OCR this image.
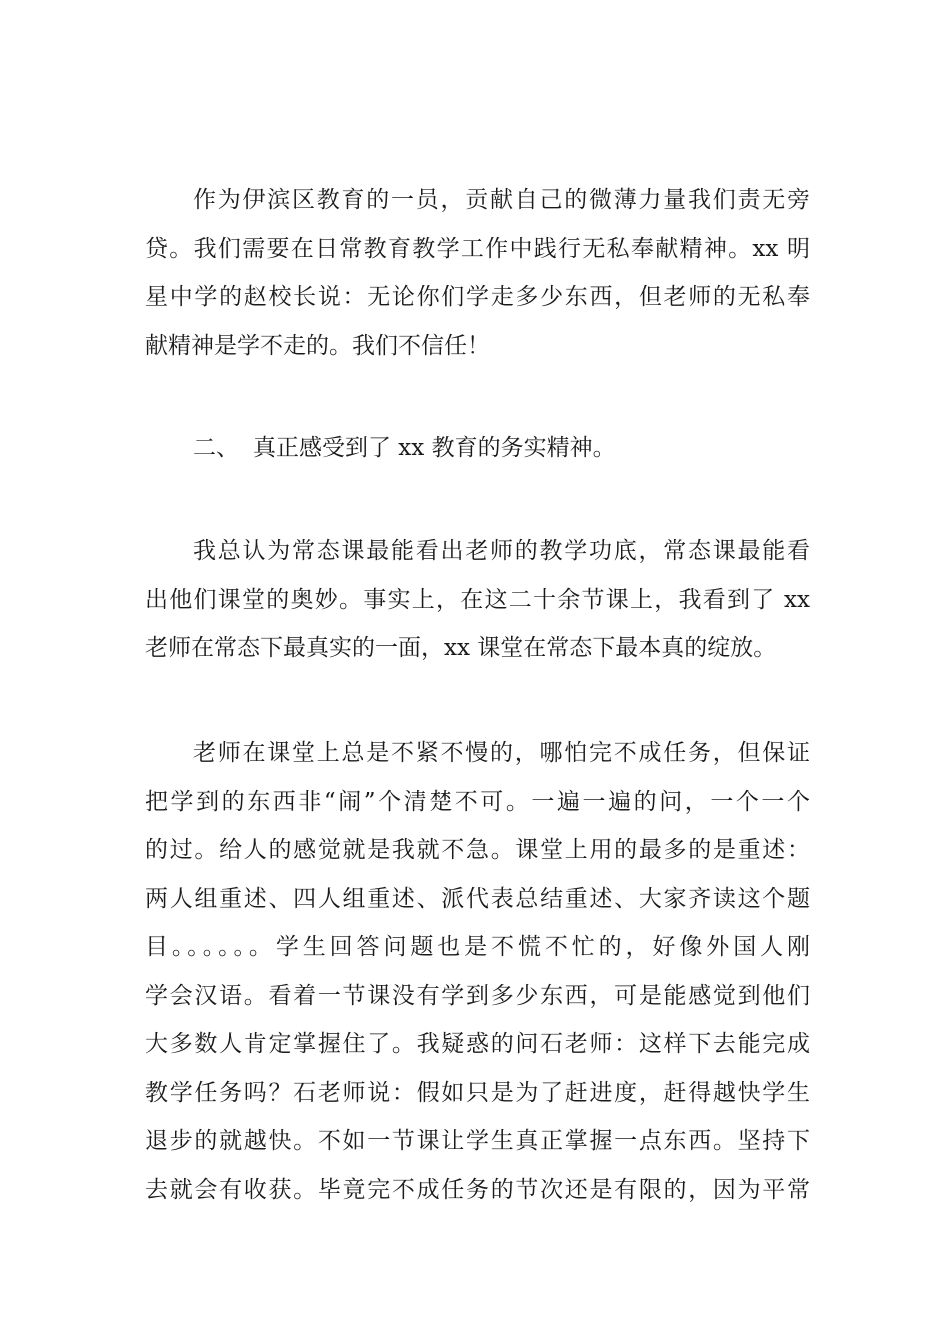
作为伊滨区教育的一员，贡献自己的微薄力量我们责无旁
贷。我们需要在日常教育教学工作中践行无私奉献精神。xx 明
星中学的赵校长说：无论你们学走多少东西，但老师的无私奉
献精神是学不走的。我们不信任！
二、 真正感受到了 xx 教育的务实精神。
我总认为常态课最能看出老师的教学功底，常态课最能看
出他们课堂的奥妙。事实上，在这二十余节课上，我看到了 xx
老师在常态下最真实的一面，xx 课堂在常态下最本真的绽放。
老师在课堂上总是不紧不慢的，哪怕完不成任务，但保证
把学到的东西非“闹”个清楚不可。一遍一遍的问，一个一个
的过。给人的感觉就是我就不急。课堂上用的最多的是重述：
两人组重述、四人组重述、派代表总结重述、大家齐读这个题
目。。。。。。学生回答问题也是不慌不忙的，好像外国人刚
学会汉语。看着一节课没有学到多少东西，可是能感觉到他们
大多数人肯定掌握住了。我疑惑的问石老师：这样下去能完成
教学任务吗？石老师说：假如只是为了赶进度，赶得越快学生
退步的就越快。不如一节课让学生真正掌握一点东西。坚持下
去就会有收获。毕竟完不成任务的节次还是有限的，因为平常
